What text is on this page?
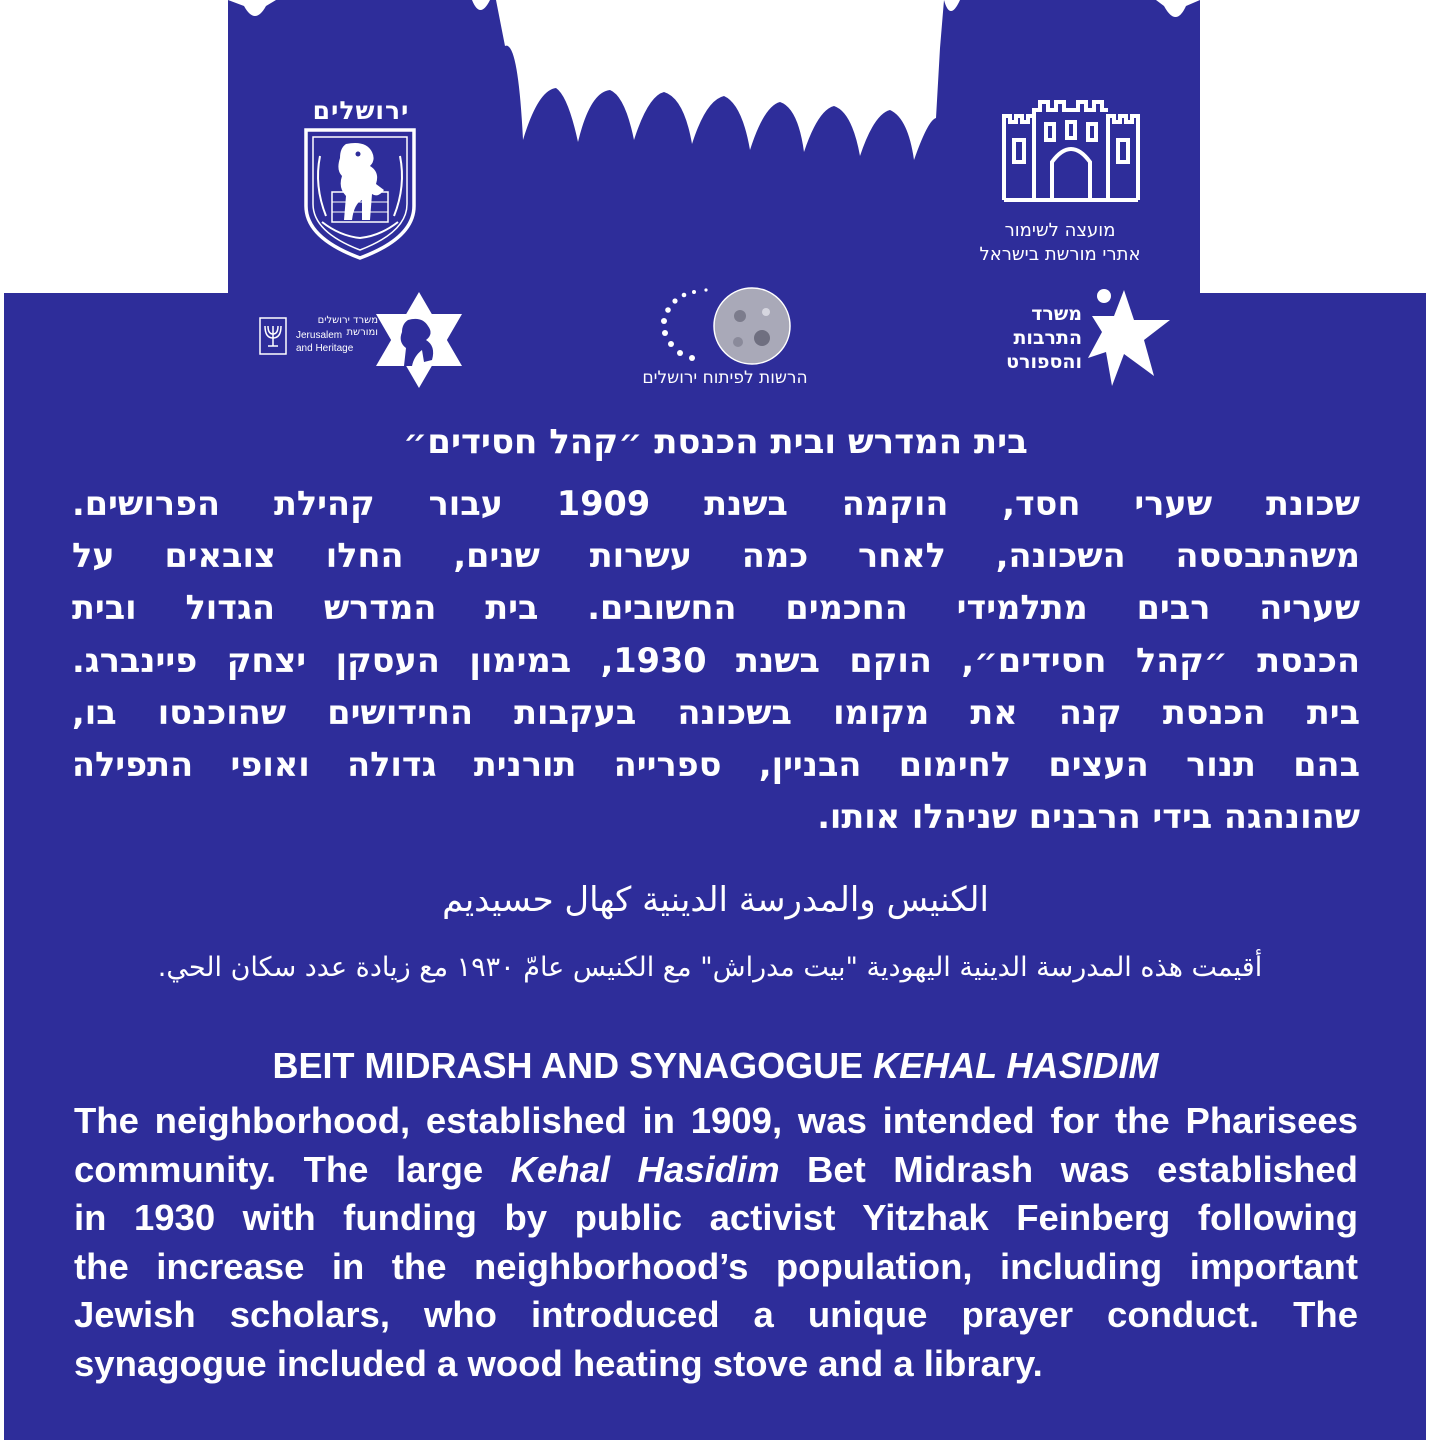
ירושלים
מועצה לשימור
אתרי מורשת בישראל
משרד ירושלים
ומורשת
Jerusalem
and Heritage
הרשות לפיתוח ירושלים
משרד
התרבות
והספורט
בית המדרש ובית הכנסת ״קהל חסידים״
שכונת שערי חסד, הוקמה בשנת 1909 עבור קהילת הפרושים.
משהתבססה השכונה, לאחר כמה עשרות שנים, החלו צובאים על
שעריה רבים מתלמידי החכמים החשובים. בית המדרש הגדול ובית
הכנסת ״קהל חסידים״, הוקם בשנת 1930, במימון העסקן יצחק פיינברג.
בית הכנסת קנה את מקומו בשכונה בעקבות החידושים שהוכנסו בו,
בהם תנור העצים לחימום הבניין, ספרייה תורנית גדולה ואופי התפילה
שהונהגה בידי הרבנים שניהלו אותו.
الكنيس والمدرسة الدينية كهال حسيديم
أقيمت هذه المدرسة الدينية اليهودية "بيت مدراش" مع الكنيس عامّ ١٩٣٠ مع زيادة عدد سكان الحي.
BEIT MIDRASH AND SYNAGOGUE KEHAL HASIDIM
The neighborhood, established in 1909, was intended for the Pharisees
community. The large Kehal Hasidim Bet Midrash was established
in 1930 with funding by public activist Yitzhak Feinberg following
the increase in the neighborhood’s population, including important
Jewish scholars, who introduced a unique prayer conduct. The
synagogue included a wood heating stove and a library.
